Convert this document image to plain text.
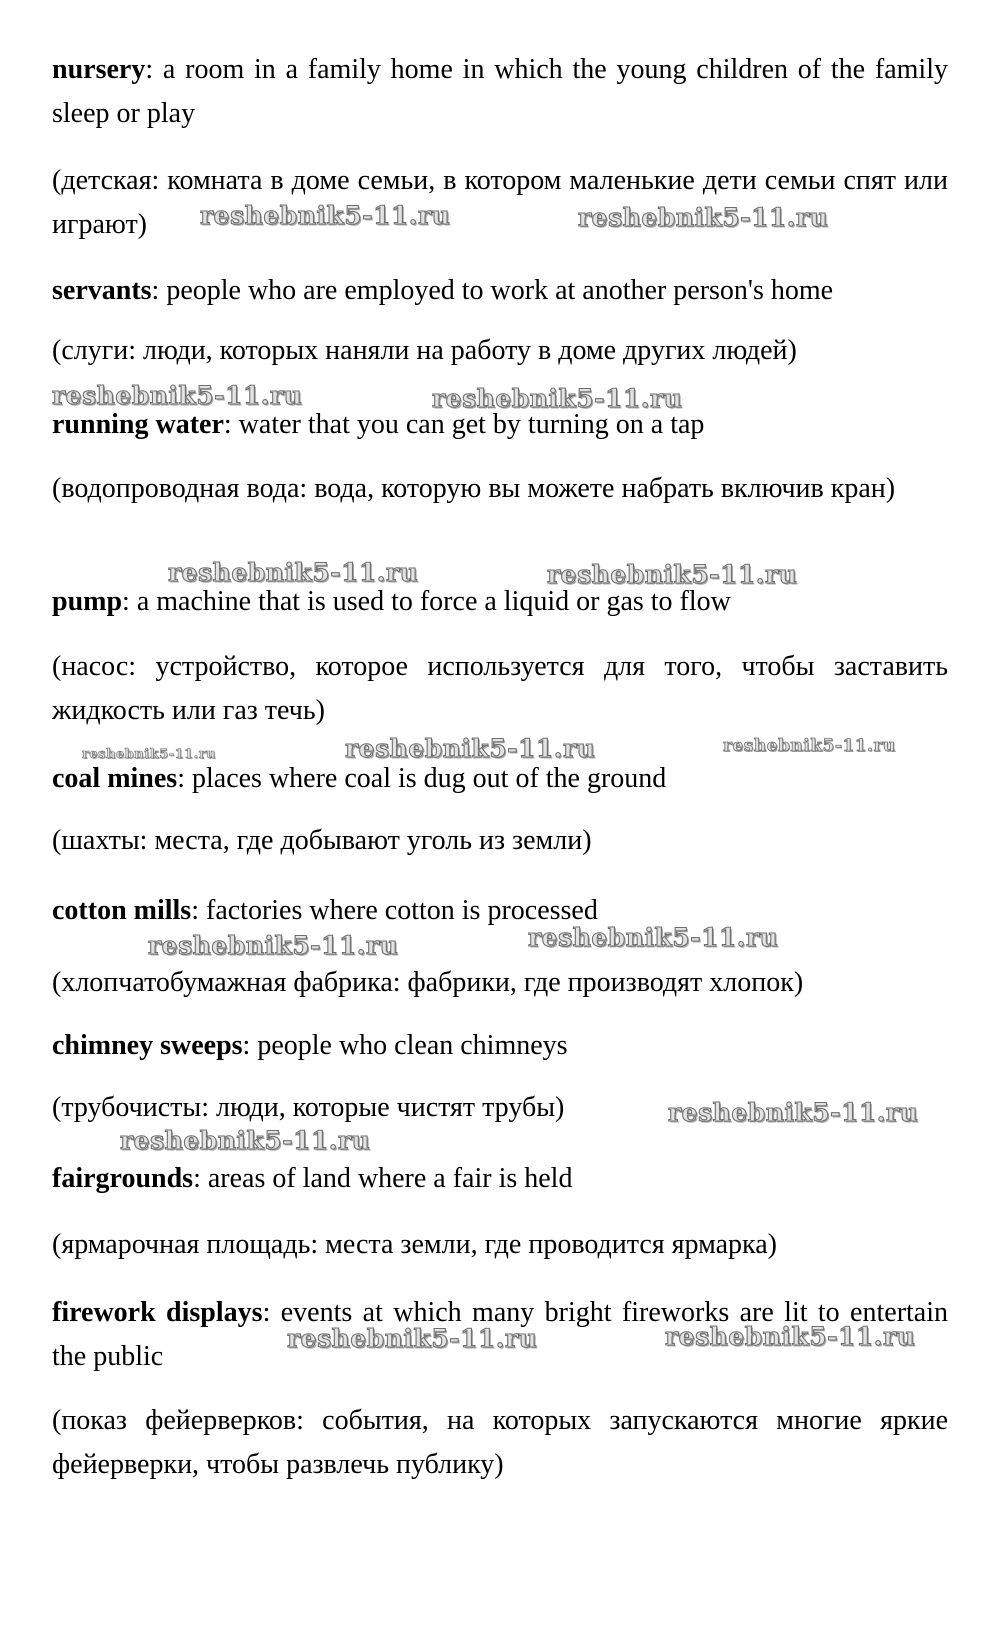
nursery: a room in a family home in which the young children of the family sleep or play

(детская: комната в доме семьи, в котором маленькие дети семьи спят или играют)

servants: people who are employed to work at another person's home

(слуги: люди, которых наняли на работу в доме других людей)

running water: water that you can get by turning on a tap

(водопроводная вода: вода, которую вы можете набрать включив кран)

pump: a machine that is used to force a liquid or gas to flow

(насос: устройство, которое используется для того, чтобы заставить жидкость или газ течь)

coal mines: places where coal is dug out of the ground

(шахты: места, где добывают уголь из земли)

cotton mills: factories where cotton is processed

(хлопчатобумажная фабрика: фабрики, где производят хлопок)

chimney sweeps: people who clean chimneys

(трубочисты: люди, которые чистят трубы)

fairgrounds: areas of land where a fair is held

(ярмарочная площадь: места земли, где проводится ярмарка)

firework displays: events at which many bright fireworks are lit to entertain the public

(показ фейерверков: события, на которых запускаются многие яркие фейерверки, чтобы развлечь публику)

reshebnik5-11.ru	reshebnik5-11.ru
reshebnik5-11.ru	reshebnik5-11.ru
reshebnik5-11.ru	reshebnik5-11.ru
reshebnik5-11.ru	reshebnik5-11.ru	reshebnik5-11.ru
reshebnik5-11.ru	reshebnik5-11.ru
reshebnik5-11.ru
reshebnik5-11.ru
reshebnik5-11.ru	reshebnik5-11.ru
